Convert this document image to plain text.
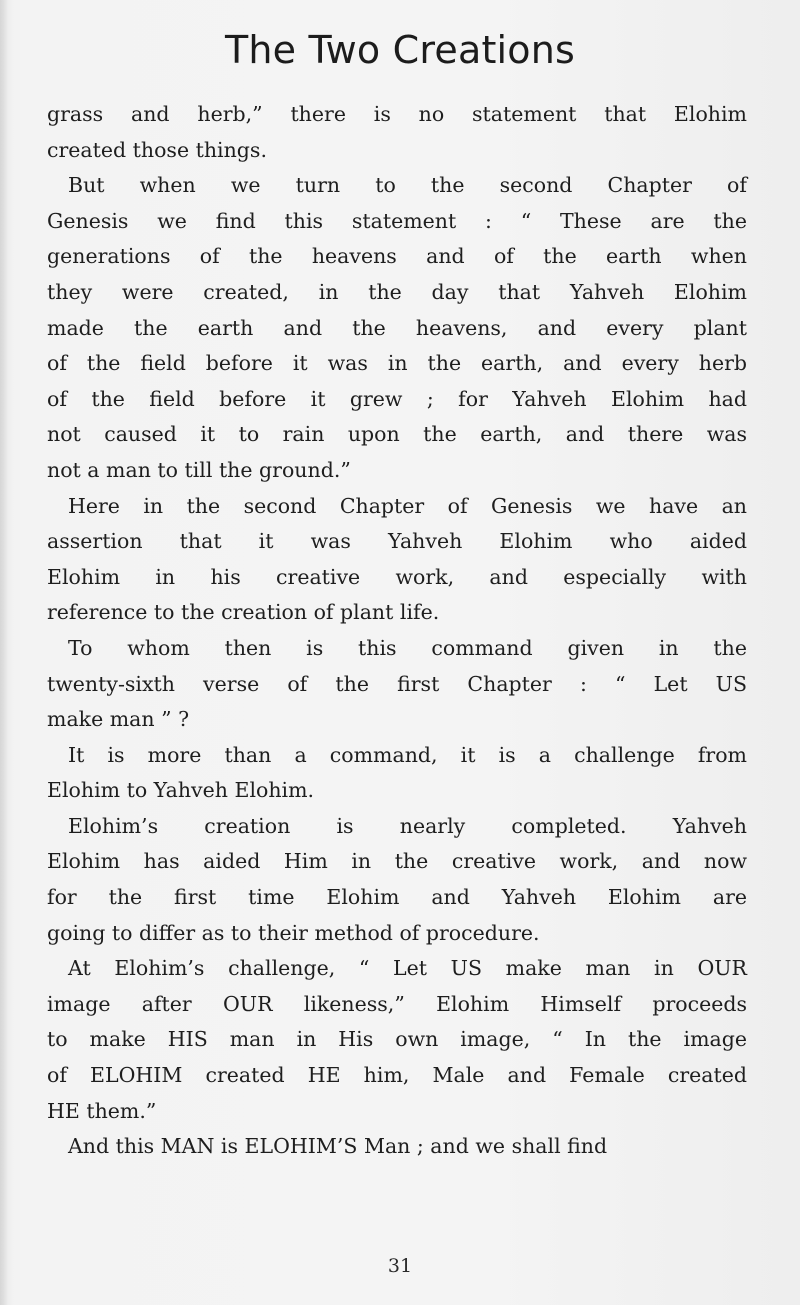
The Two Creations
grass and herb,” there is no statement that Elohim
created those things.
But when we turn to the second Chapter of
Genesis we find this statement : “ These are the
generations of the heavens and of the earth when
they were created, in the day that Yahveh Elohim
made the earth and the heavens, and every plant
of the field before it was in the earth, and every herb
of the field before it grew ; for Yahveh Elohim had
not caused it to rain upon the earth, and there was
not a man to till the ground.”
Here in the second Chapter of Genesis we have an
assertion that it was Yahveh Elohim who aided
Elohim in his creative work, and especially with
reference to the creation of plant life.
To whom then is this command given in the
twenty-sixth verse of the first Chapter : “ Let US
make man ” ?
It is more than a command, it is a challenge from
Elohim to Yahveh Elohim.
Elohim’s creation is nearly completed. Yahveh
Elohim has aided Him in the creative work, and now
for the first time Elohim and Yahveh Elohim are
going to differ as to their method of procedure.
At Elohim’s challenge, “ Let US make man in OUR
image after OUR likeness,” Elohim Himself proceeds
to make HIS man in His own image, “ In the image
of ELOHIM created HE him, Male and Female created
HE them.”
And this MAN is ELOHIM’S Man ; and we shall find
31
